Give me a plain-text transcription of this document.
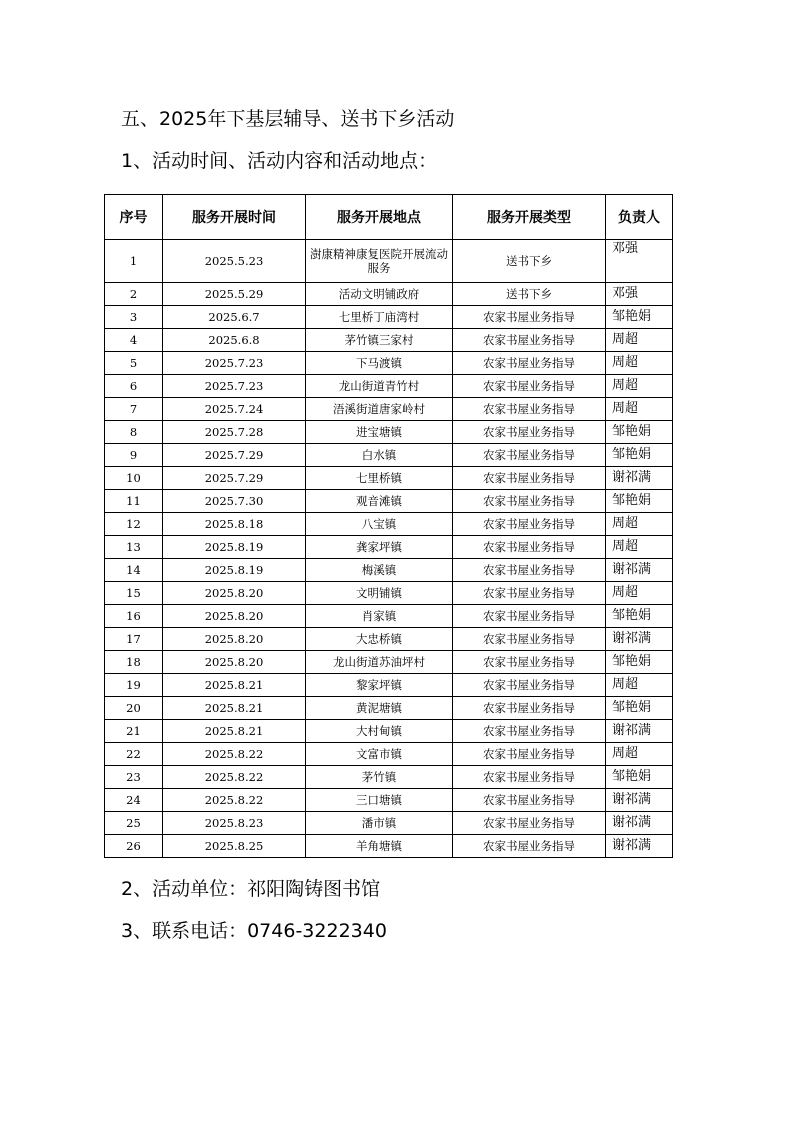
五、2025年下基层辅导、送书下乡活动
1、活动时间、活动内容和活动地点：
序号	服务开展时间	服务开展地点	服务开展类型	负责人
1	2025.5.23	澍康精神康复医院开展流动服务	送书下乡	邓强
2	2025.5.29	活动文明铺政府	送书下乡	邓强
3	2025.6.7	七里桥丁庙湾村	农家书屋业务指导	邹艳娟
4	2025.6.8	茅竹镇三家村	农家书屋业务指导	周超
5	2025.7.23	下马渡镇	农家书屋业务指导	周超
6	2025.7.23	龙山街道青竹村	农家书屋业务指导	周超
7	2025.7.24	浯溪街道唐家岭村	农家书屋业务指导	周超
8	2025.7.28	进宝塘镇	农家书屋业务指导	邹艳娟
9	2025.7.29	白水镇	农家书屋业务指导	邹艳娟
10	2025.7.29	七里桥镇	农家书屋业务指导	谢祁满
11	2025.7.30	观音滩镇	农家书屋业务指导	邹艳娟
12	2025.8.18	八宝镇	农家书屋业务指导	周超
13	2025.8.19	龚家坪镇	农家书屋业务指导	周超
14	2025.8.19	梅溪镇	农家书屋业务指导	谢祁满
15	2025.8.20	文明铺镇	农家书屋业务指导	周超
16	2025.8.20	肖家镇	农家书屋业务指导	邹艳娟
17	2025.8.20	大忠桥镇	农家书屋业务指导	谢祁满
18	2025.8.20	龙山街道苏油坪村	农家书屋业务指导	邹艳娟
19	2025.8.21	黎家坪镇	农家书屋业务指导	周超
20	2025.8.21	黄泥塘镇	农家书屋业务指导	邹艳娟
21	2025.8.21	大村甸镇	农家书屋业务指导	谢祁满
22	2025.8.22	文富市镇	农家书屋业务指导	周超
23	2025.8.22	茅竹镇	农家书屋业务指导	邹艳娟
24	2025.8.22	三口塘镇	农家书屋业务指导	谢祁满
25	2025.8.23	潘市镇	农家书屋业务指导	谢祁满
26	2025.8.25	羊角塘镇	农家书屋业务指导	谢祁满
2、活动单位：祁阳陶铸图书馆
3、联系电话：0746-3222340
